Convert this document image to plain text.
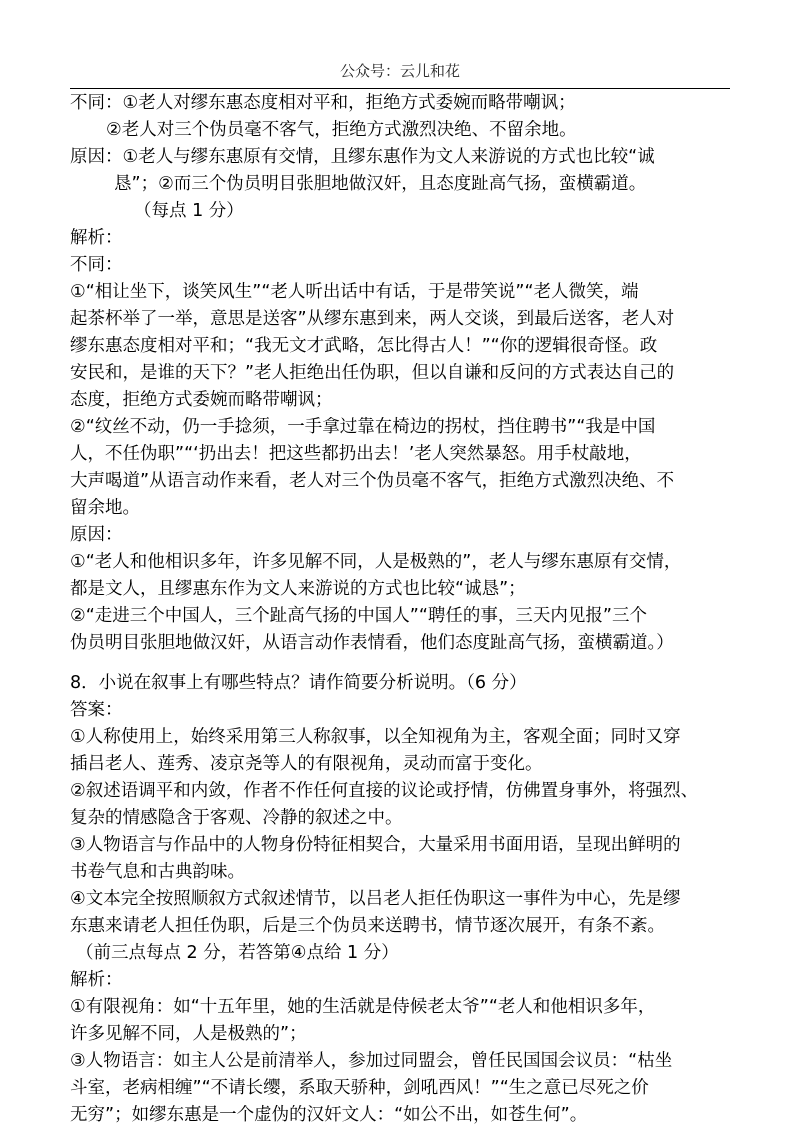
公众号：云儿和花
不同：①老人对缪东惠态度相对平和，拒绝方式委婉而略带嘲讽；
②老人对三个伪员毫不客气，拒绝方式激烈决绝、不留余地。
原因：①老人与缪东惠原有交情，且缪东惠作为文人来游说的方式也比较“诚
恳”；②而三个伪员明目张胆地做汉奸，且态度趾高气扬，蛮横霸道。
（每点 1 分）
解析：
不同：
①“相让坐下，谈笑风生”“老人听出话中有话，于是带笑说”“老人微笑，端
起茶杯举了一举，意思是送客”从缪东惠到来，两人交谈，到最后送客，老人对
缪东惠态度相对平和；“我无文才武略，怎比得古人！”“你的逻辑很奇怪。政
安民和，是谁的天下？”老人拒绝出任伪职，但以自谦和反问的方式表达自己的
态度，拒绝方式委婉而略带嘲讽；
②“纹丝不动，仍一手捻须，一手拿过靠在椅边的拐杖，挡住聘书”“我是中国
人，不任伪职”“‘扔出去！把这些都扔出去！’老人突然暴怒。用手杖敲地，
大声喝道”从语言动作来看，老人对三个伪员毫不客气，拒绝方式激烈决绝、不
留余地。
原因：
①“老人和他相识多年，许多见解不同，人是极熟的”，老人与缪东惠原有交情，
都是文人，且缪惠东作为文人来游说的方式也比较“诚恳”；
②“走进三个中国人，三个趾高气扬的中国人”“聘任的事，三天内见报”三个
伪员明目张胆地做汉奸，从语言动作表情看，他们态度趾高气扬，蛮横霸道。）
8．小说在叙事上有哪些特点？请作简要分析说明。（6 分）
答案：
①人称使用上，始终采用第三人称叙事，以全知视角为主，客观全面；同时又穿
插吕老人、莲秀、凌京尧等人的有限视角，灵动而富于变化。
②叙述语调平和内敛，作者不作任何直接的议论或抒情，仿佛置身事外，将强烈、
复杂的情感隐含于客观、冷静的叙述之中。
③人物语言与作品中的人物身份特征相契合，大量采用书面用语，呈现出鲜明的
书卷气息和古典韵味。
④文本完全按照顺叙方式叙述情节，以吕老人拒任伪职这一事件为中心，先是缪
东惠来请老人担任伪职，后是三个伪员来送聘书，情节逐次展开，有条不紊。
（前三点每点 2 分，若答第④点给 1 分）
解析：
①有限视角：如“十五年里，她的生活就是侍候老太爷”“老人和他相识多年，
许多见解不同，人是极熟的”；
③人物语言：如主人公是前清举人，参加过同盟会，曾任民国国会议员：“枯坐
斗室，老病相缠”“不请长缨，系取天骄种，剑吼西风！”“生之意已尽死之价
无穷”；如缪东惠是一个虚伪的汉奸文人：“如公不出，如苍生何”。
